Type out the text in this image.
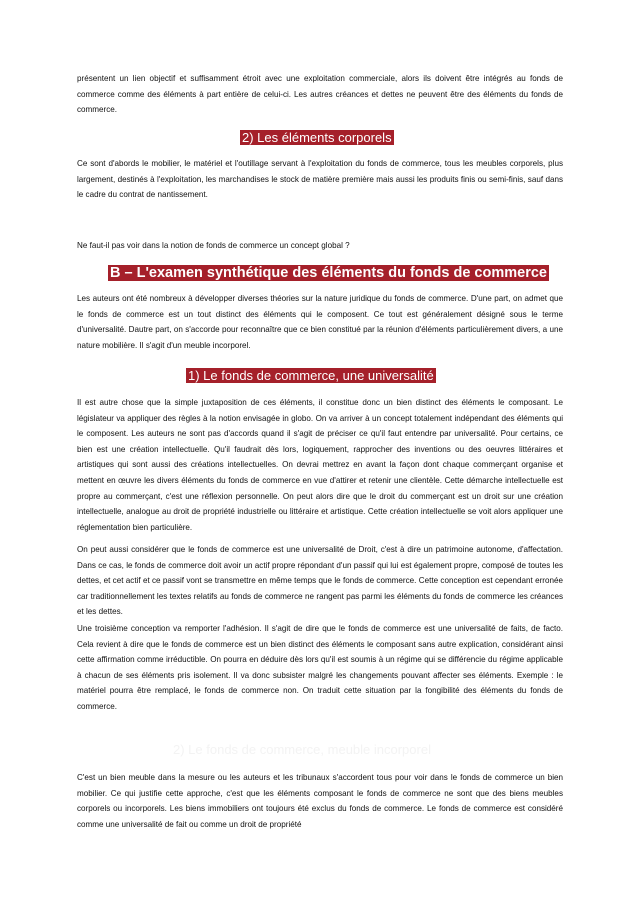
présentent un lien objectif et suffisamment étroit avec une exploitation commerciale, alors ils doivent être intégrés au fonds de commerce comme des éléments à part entière de celui-ci. Les autres créances et dettes ne peuvent être des éléments du fonds de commerce.

2) Les éléments corporels

Ce sont d'abords le mobilier, le matériel et l'outillage servant à l'exploitation du fonds de commerce, tous les meubles corporels, plus largement, destinés à l'exploitation, les marchandises le stock de matière première mais aussi les produits finis ou semi-finis, sauf dans le cadre du contrat de nantissement.

Ne faut-il pas voir dans la notion de fonds de commerce un concept global ?

B – L'examen synthétique des éléments du fonds de commerce

Les auteurs ont été nombreux à développer diverses théories sur la nature juridique du fonds de commerce. D'une part, on admet que le fonds de commerce est un tout distinct des éléments qui le composent. Ce tout est généralement désigné sous le terme d'universalité. Dautre part, on s'accorde pour reconnaître que ce bien constitué par la réunion d'éléments particulièrement divers, a une nature mobilière. Il s'agit d'un meuble incorporel.

1) Le fonds de commerce, une universalité

Il est autre chose que la simple juxtaposition de ces éléments, il constitue donc un bien distinct des éléments le composant. Le législateur va appliquer des règles à la notion envisagée in globo. On va arriver à un concept totalement indépendant des éléments qui le composent. Les auteurs ne sont pas d'accords quand il s'agit de préciser ce qu'il faut entendre par universalité. Pour certains, ce bien est une création intellectuelle. Qu'il faudrait dès lors, logiquement, rapprocher des inventions ou des oeuvres littéraires et artistiques qui sont aussi des créations intellectuelles. On devrai mettrez en avant la façon dont chaque commerçant organise et mettent en œuvre les divers éléments du fonds de commerce en vue d'attirer et retenir une clientèle. Cette démarche intellectuelle est propre au commerçant, c'est une réflexion personnelle. On peut alors dire que le droit du commerçant est un droit sur une création intellectuelle, analogue au droit de propriété industrielle ou littéraire et artistique. Cette création intellectuelle se voit alors appliquer une réglementation bien particulière.

On peut aussi considérer que le fonds de commerce est une universalité de Droit, c'est à dire un patrimoine autonome, d'affectation. Dans ce cas, le fonds de commerce doit avoir un actif propre répondant d'un passif qui lui est également propre, composé de toutes les dettes, et cet actif et ce passif vont se transmettre en même temps que le fonds de commerce. Cette conception est cependant erronée car traditionnellement les textes relatifs au fonds de commerce ne rangent pas parmi les éléments du fonds de commerce les créances et les dettes.

Une troisième conception va remporter l'adhésion. Il s'agit de dire que le fonds de commerce est une universalité de faits, de facto. Cela revient à dire que le fonds de commerce est un bien distinct des éléments le composant sans autre explication, considérant ainsi cette affirmation comme irréductible. On pourra en déduire dès lors qu'il est soumis à un régime qui se différencie du régime applicable à chacun de ses éléments pris isolement. Il va donc subsister malgré les changements pouvant affecter ses éléments. Exemple : le matériel pourra être remplacé, le fonds de commerce non. On traduit cette situation par la fongibilité des éléments du fonds de commerce.

2) Le fonds de commerce, meuble incorporel

C'est un bien meuble dans la mesure ou les auteurs et les tribunaux s'accordent tous pour voir dans le fonds de commerce un bien mobilier. Ce qui justifie cette approche, c'est que les éléments composant le fonds de commerce ne sont que des biens meubles corporels ou incorporels. Les biens immobiliers ont toujours été exclus du fonds de commerce. Le fonds de commerce est considéré comme une universalité de fait ou comme un droit de propriété
